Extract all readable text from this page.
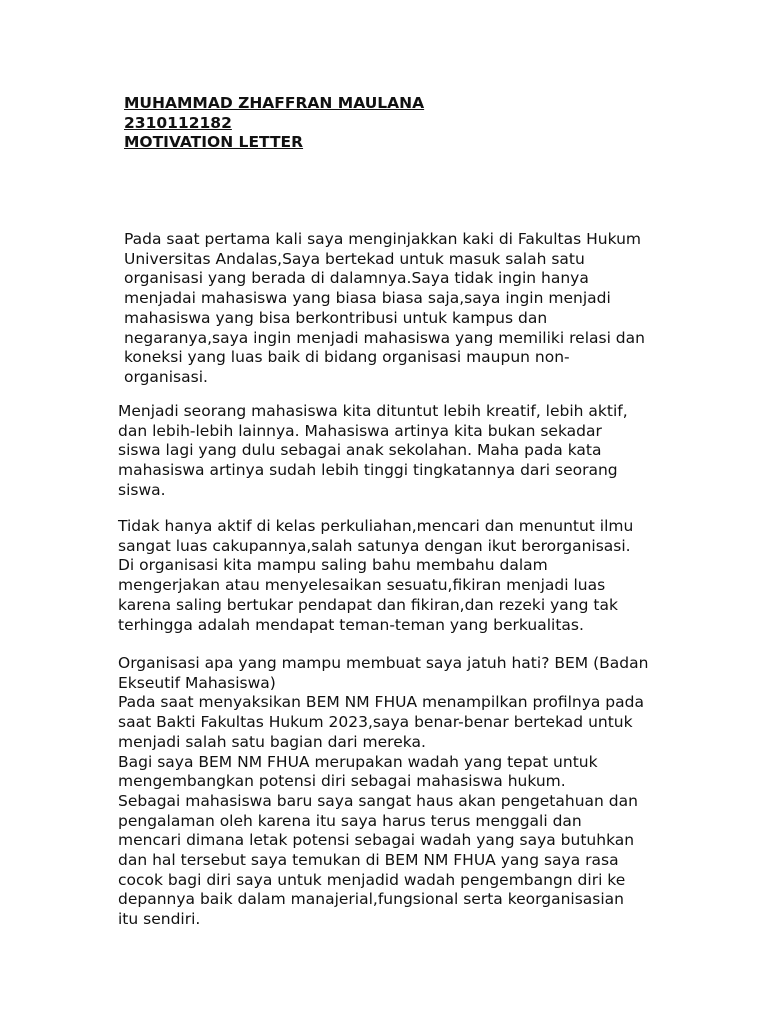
MUHAMMAD ZHAFFRAN MAULANA
2310112182
MOTIVATION LETTER

Pada saat pertama kali saya menginjakkan kaki di Fakultas Hukum
Universitas Andalas,Saya bertekad untuk masuk salah satu
organisasi yang berada di dalamnya.Saya tidak ingin hanya
menjadai mahasiswa yang biasa biasa saja,saya ingin menjadi
mahasiswa yang bisa berkontribusi untuk kampus dan
negaranya,saya ingin menjadi mahasiswa yang memiliki relasi dan
koneksi yang luas baik di bidang organisasi maupun non-
organisasi.

Menjadi seorang mahasiswa kita dituntut lebih kreatif, lebih aktif,
dan lebih-lebih lainnya. Mahasiswa artinya kita bukan sekadar
siswa lagi yang dulu sebagai anak sekolahan. Maha pada kata
mahasiswa artinya sudah lebih tinggi tingkatannya dari seorang
siswa.

Tidak hanya aktif di kelas perkuliahan,mencari dan menuntut ilmu
sangat luas cakupannya,salah satunya dengan ikut berorganisasi.
Di organisasi kita mampu saling bahu membahu dalam
mengerjakan atau menyelesaikan sesuatu,fikiran menjadi luas
karena saling bertukar pendapat dan fikiran,dan rezeki yang tak
terhingga adalah mendapat teman-teman yang berkualitas.

Organisasi apa yang mampu membuat saya jatuh hati? BEM (Badan
Ekseutif Mahasiswa)
Pada saat menyaksikan BEM NM FHUA menampilkan profilnya pada
saat Bakti Fakultas Hukum 2023,saya benar-benar bertekad untuk
menjadi salah satu bagian dari mereka.
Bagi saya BEM NM FHUA merupakan wadah yang tepat untuk
mengembangkan potensi diri sebagai mahasiswa hukum.
Sebagai mahasiswa baru saya sangat haus akan pengetahuan dan
pengalaman oleh karena itu saya harus terus menggali dan
mencari dimana letak potensi sebagai wadah yang saya butuhkan
dan hal tersebut saya temukan di BEM NM FHUA yang saya rasa
cocok bagi diri saya untuk menjadid wadah pengembangn diri ke
depannya baik dalam manajerial,fungsional serta keorganisasian
itu sendiri.
